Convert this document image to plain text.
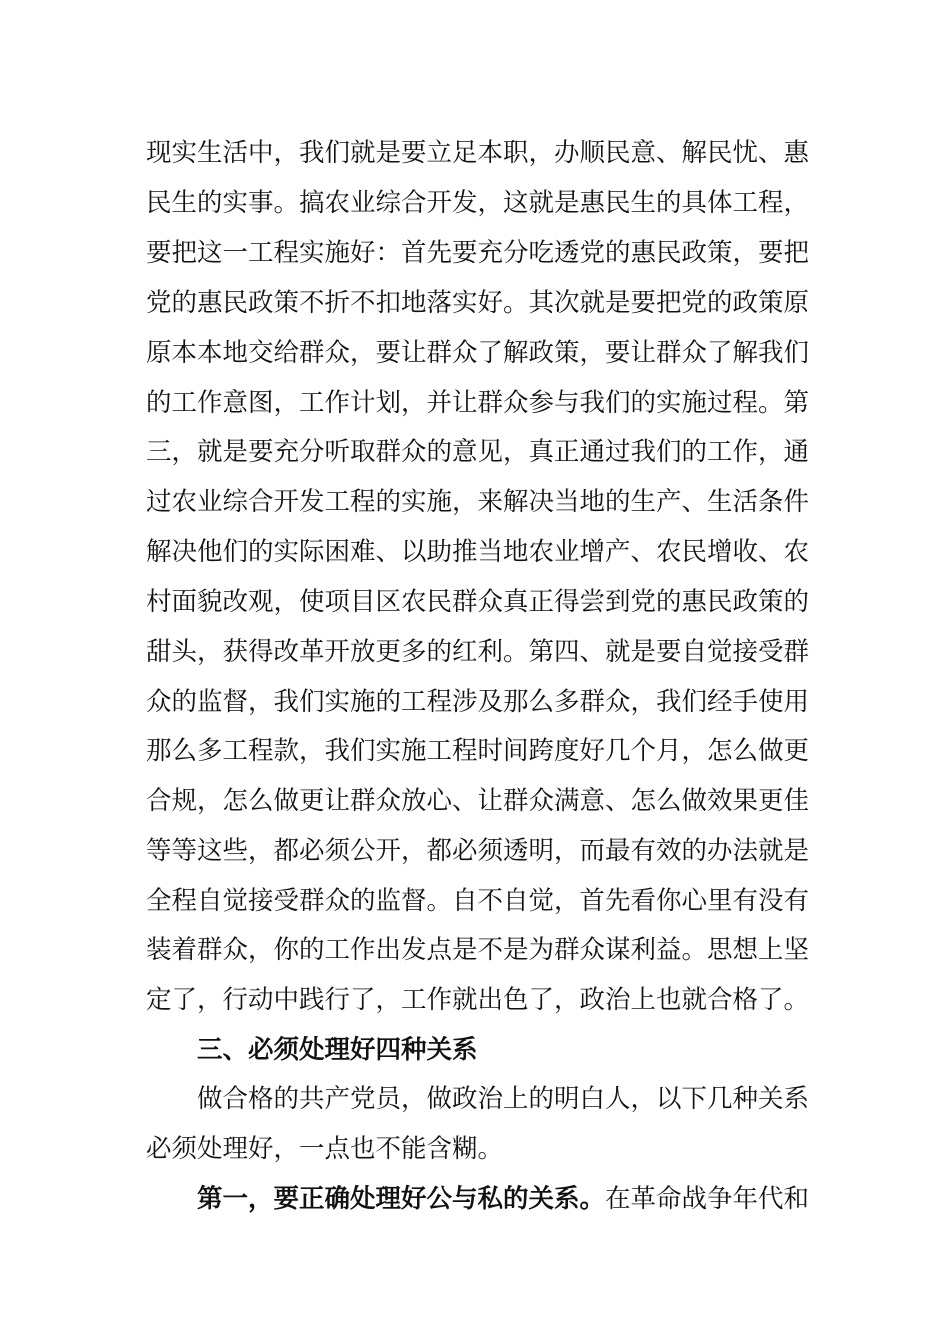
现实生活中，我们就是要立足本职，办顺民意、解民忧、惠
民生的实事。搞农业综合开发，这就是惠民生的具体工程，
要把这一工程实施好：首先要充分吃透党的惠民政策，要把
党的惠民政策不折不扣地落实好。其次就是要把党的政策原
原本本地交给群众，要让群众了解政策，要让群众了解我们
的工作意图，工作计划，并让群众参与我们的实施过程。第
三，就是要充分听取群众的意见，真正通过我们的工作，通
过农业综合开发工程的实施，来解决当地的生产、生活条件
解决他们的实际困难、以助推当地农业增产、农民增收、农
村面貌改观，使项目区农民群众真正得尝到党的惠民政策的
甜头，获得改革开放更多的红利。第四、就是要自觉接受群
众的监督，我们实施的工程涉及那么多群众，我们经手使用
那么多工程款，我们实施工程时间跨度好几个月，怎么做更
合规，怎么做更让群众放心、让群众满意、怎么做效果更佳
等等这些，都必须公开，都必须透明，而最有效的办法就是
全程自觉接受群众的监督。自不自觉，首先看你心里有没有
装着群众，你的工作出发点是不是为群众谋利益。思想上坚
定了，行动中践行了，工作就出色了，政治上也就合格了。
三、必须处理好四种关系
做合格的共产党员，做政治上的明白人，以下几种关系
必须处理好，一点也不能含糊。
第一，要正确处理好公与私的关系。在革命战争年代和
